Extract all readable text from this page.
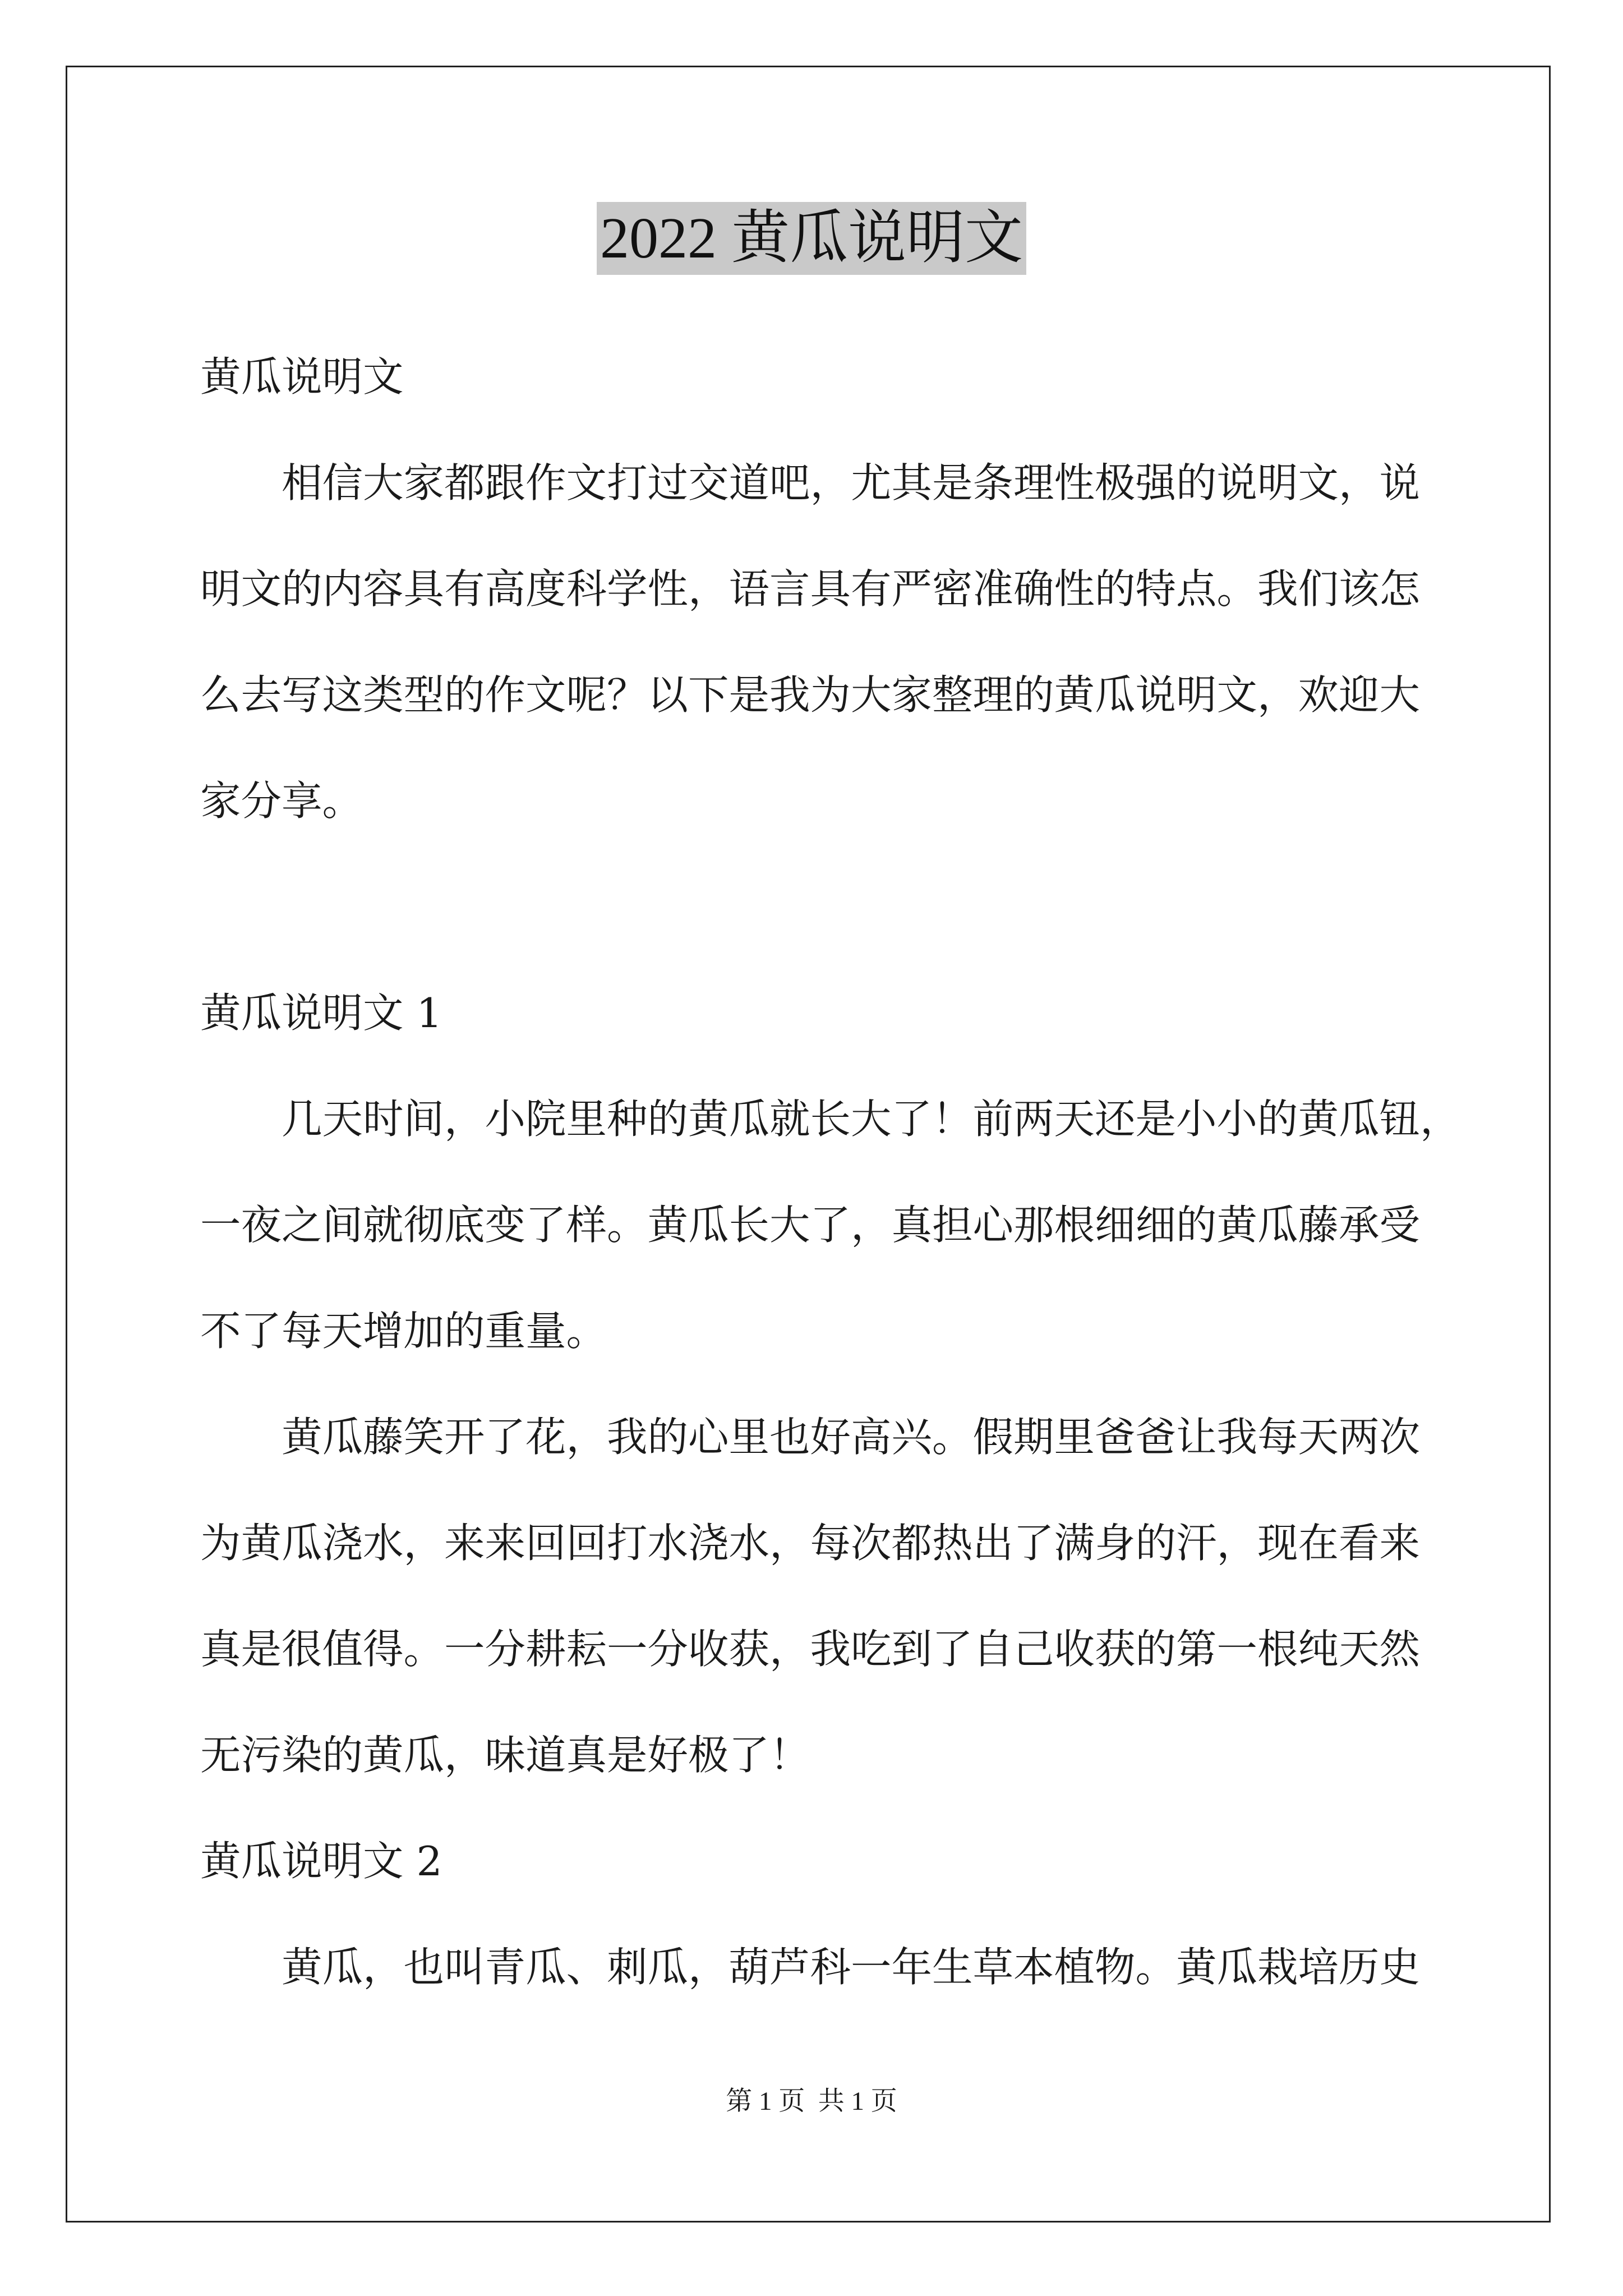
2022 黄瓜说明文
黄瓜说明文
相信大家都跟作文打过交道吧，尤其是条理性极强的说明文，说
明文的内容具有高度科学性，语言具有严密准确性的特点。我们该怎
么去写这类型的作文呢？以下是我为大家整理的黄瓜说明文，欢迎大
家分享。
黄瓜说明文 1
几天时间，小院里种的黄瓜就长大了！前两天还是小小的黄瓜钮，
一夜之间就彻底变了样。黄瓜长大了，真担心那根细细的黄瓜藤承受
不了每天增加的重量。
黄瓜藤笑开了花，我的心里也好高兴。假期里爸爸让我每天两次
为黄瓜浇水，来来回回打水浇水，每次都热出了满身的汗，现在看来
真是很值得。一分耕耘一分收获，我吃到了自己收获的第一根纯天然
无污染的黄瓜，味道真是好极了！
黄瓜说明文 2
黄瓜，也叫青瓜、刺瓜，葫芦科一年生草本植物。黄瓜栽培历史
第 1 页  共 1 页
